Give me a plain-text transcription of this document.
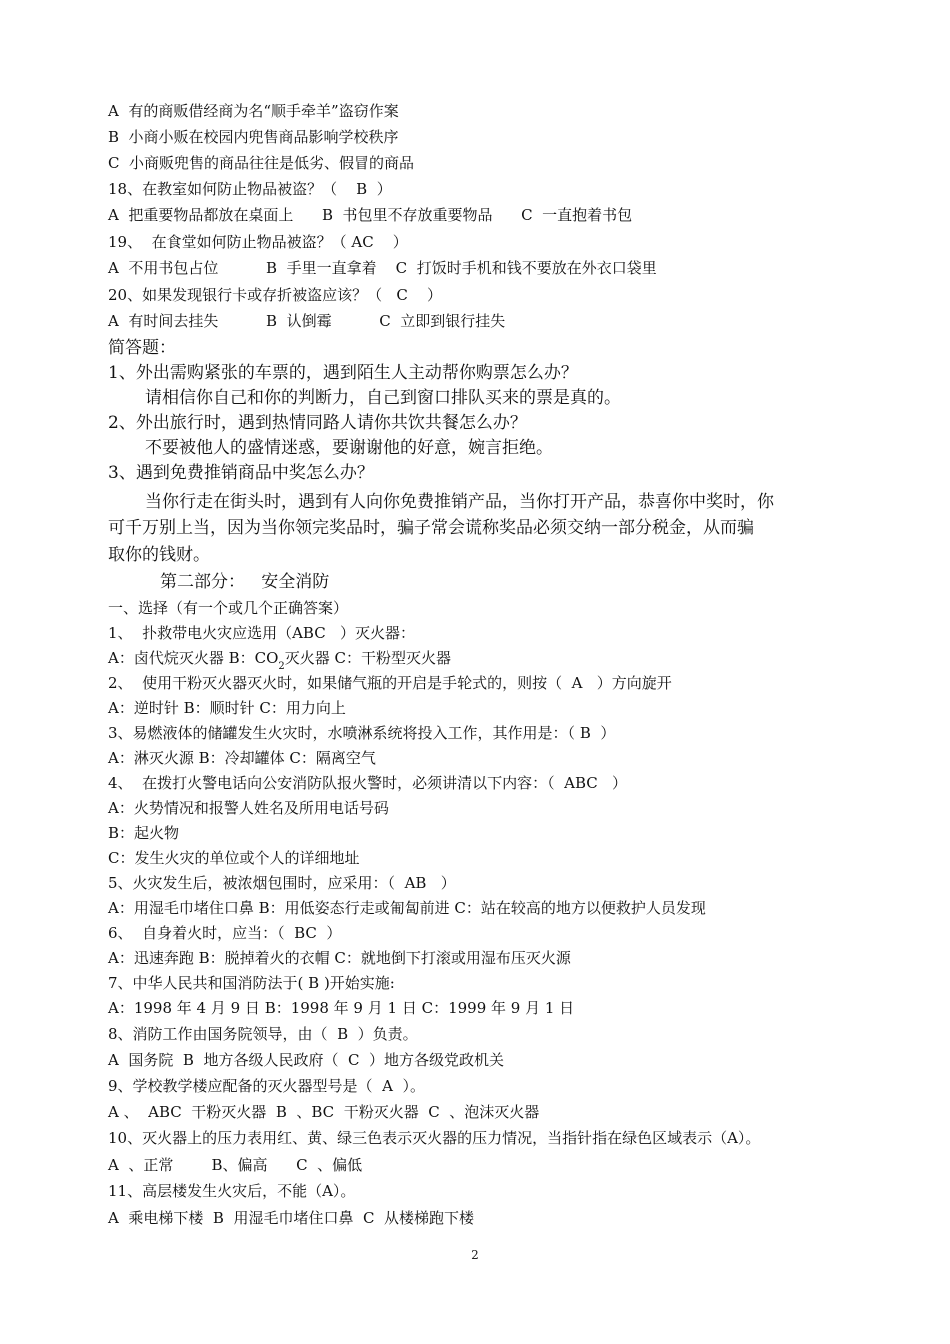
A  有的商贩借经商为名“顺手牵羊”盗窃作案
B  小商小贩在校园内兜售商品影响学校秩序
C  小商贩兜售的商品往往是低劣、假冒的商品
18、在教室如何防止物品被盗？（    B  ）
A  把重要物品都放在桌面上      B  书包里不存放重要物品      C  一直抱着书包
19、  在食堂如何防止物品被盗？（ AC    ）
A  不用书包占位          B  手里一直拿着    C  打饭时手机和钱不要放在外衣口袋里
20、如果发现银行卡或存折被盗应该？（   C    ）
A  有时间去挂失          B  认倒霉          C  立即到银行挂失
简答题：
1、外出需购紧张的车票的，遇到陌生人主动帮你购票怎么办？
请相信你自己和你的判断力，自己到窗口排队买来的票是真的。
2、外出旅行时，遇到热情同路人请你共饮共餐怎么办？
不要被他人的盛情迷惑，要谢谢他的好意，婉言拒绝。
3、遇到免费推销商品中奖怎么办？
当你行走在街头时，遇到有人向你免费推销产品，当你打开产品，恭喜你中奖时，你
可千万别上当，因为当你领完奖品时，骗子常会谎称奖品必须交纳一部分税金，从而骗
取你的钱财。
第二部分：   安全消防
一、选择（有一个或几个正确答案）
1、  扑救带电火灾应选用（ABC   ）灭火器：
A：卤代烷灭火器 B：$CO_2$灭火器 C：干粉型灭火器
2、  使用干粉灭火器灭火时，如果储气瓶的开启是手轮式的，则按（  A   ）方向旋开
A：逆时针 B：顺时针 C：用力向上
3、易燃液体的储罐发生火灾时，水喷淋系统将投入工作，其作用是：（ B  ）
A：淋灭火源 B：冷却罐体 C：隔离空气
4、  在拨打火警电话向公安消防队报火警时，必须讲清以下内容：（  ABC   ）
A：火势情况和报警人姓名及所用电话号码
B：起火物
C：发生火灾的单位或个人的详细地址
5、火灾发生后，被浓烟包围时，应采用：（  AB   ）
A：用湿毛巾堵住口鼻 B：用低姿态行走或匍匐前进 C：站在较高的地方以便救护人员发现
6、  自身着火时，应当：（  BC  ）
A：迅速奔跑 B：脱掉着火的衣帽 C：就地倒下打滚或用湿布压灭火源
7、中华人民共和国消防法于( B )开始实施:
A：1998 年 4 月 9 日 B：1998 年 9 月 1 日 C：1999 年 9 月 1 日
8、消防工作由国务院领导，由（  B  ）负责。
A  国务院  B  地方各级人民政府（  C  ）地方各级党政机关
9、学校教学楼应配备的灭火器型号是（  A  ）。
A 、  ABC  干粉灭火器  B  、BC  干粉灭火器  C  、泡沫灭火器
10、灭火器上的压力表用红、黄、绿三色表示灭火器的压力情况，当指针指在绿色区域表示（A）。
A  、正常        B、偏高      C  、偏低
11、高层楼发生火灾后，不能（A）。
A  乘电梯下楼  B  用湿毛巾堵住口鼻  C  从楼梯跑下楼
2
